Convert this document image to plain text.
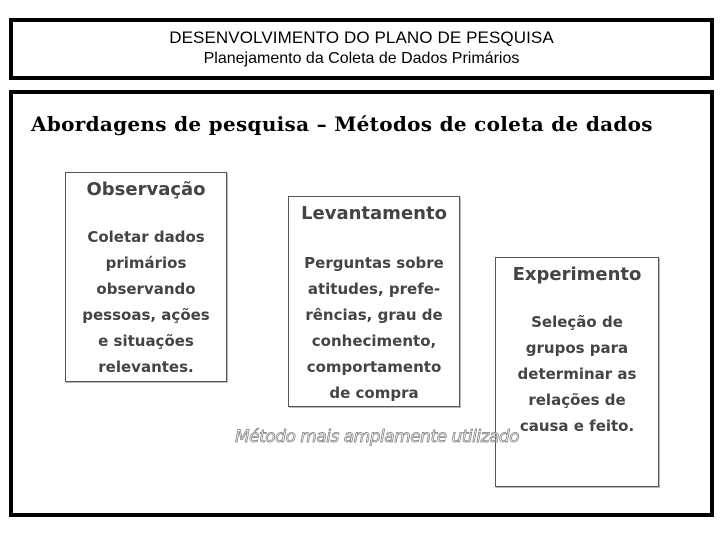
DESENVOLVIMENTO DO PLANO DE PESQUISA
Planejamento da Coleta de Dados Primários
Abordagens de pesquisa – Métodos de coleta de dados
Observação
Coletar dados
primários
observando
pessoas, ações
e situações
relevantes.
Levantamento
Perguntas sobre
atitudes, prefe-
rências, grau de
conhecimento,
comportamento
de compra
Experimento
Seleção de
grupos para
determinar as
relações de
causa e feito.
Método mais amplamente utilizado
